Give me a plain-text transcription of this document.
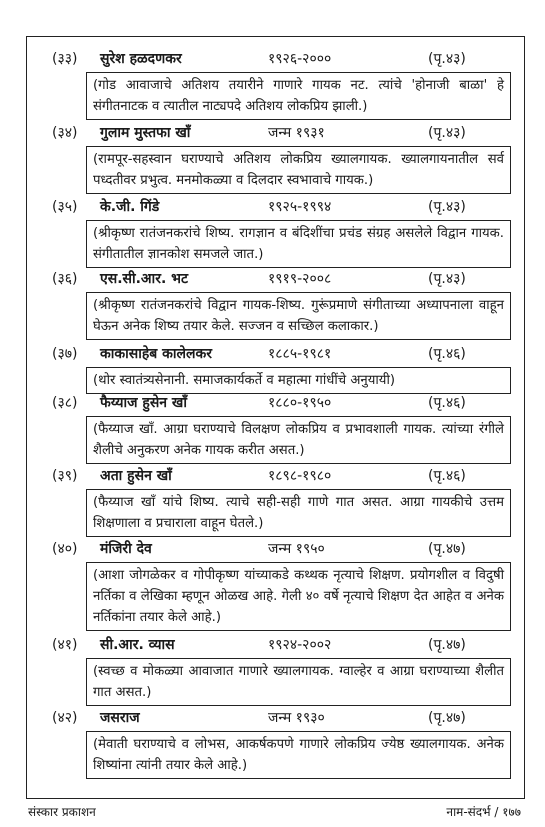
(३३) सुरेश हळदणकर	१९२६-२०००	(पृ.४३)
(गोड आवाजाचे अतिशय तयारीने गाणारे गायक नट. त्यांचे 'होनाजी बाळा' हे संगीतनाटक व त्यातील नाट्यपदे अतिशय लोकप्रिय झाली.)
(३४) गुलाम मुस्तफा खाँ	जन्म १९३१	(पृ.४३)
(रामपूर-सहस्वान घराण्याचे अतिशय लोकप्रिय ख्यालगायक. ख्यालगायनातील सर्व पध्दतीवर प्रभुत्व. मनमोकळ्या व दिलदार स्वभावाचे गायक.)
(३५) के.जी. गिंडे	१९२५-१९९४	(पृ.४३)
(श्रीकृष्ण रातंजनकरांचे शिष्य. रागज्ञान व बंदिशींचा प्रचंड संग्रह असलेले विद्वान गायक. संगीतातील ज्ञानकोश समजले जात.)
(३६) एस.सी.आर. भट	१९१९-२००८	(पृ.४३)
(श्रीकृष्ण रातंजनकरांचे विद्वान गायक-शिष्य. गुरूंप्रमाणे संगीताच्या अध्यापनाला वाहून घेऊन अनेक शिष्य तयार केले. सज्जन व सच्छिल कलाकार.)
(३७) काकासाहेब कालेलकर	१८८५-१९८१	(पृ.४६)
(थोर स्वातंत्र्यसेनानी. समाजकार्यकर्ते व महात्मा गांधींचे अनुयायी)
(३८) फैय्याज हुसेन खाँ	१८८०-१९५०	(पृ.४६)
(फैय्याज खाँ. आग्रा घराण्याचे विलक्षण लोकप्रिय व प्रभावशाली गायक. त्यांच्या रंगीले शैलीचे अनुकरण अनेक गायक करीत असत.)
(३९) अता हुसेन खाँ	१८९८-१९८०	(पृ.४६)
(फैय्याज खाँ यांचे शिष्य. त्याचे सही-सही गाणे गात असत. आग्रा गायकीचे उत्तम शिक्षणाला व प्रचाराला वाहून घेतले.)
(४०) मंजिरी देव	जन्म १९५०	(पृ.४७)
(आशा जोगळेकर व गोपीकृष्ण यांच्याकडे कथ्थक नृत्याचे शिक्षण. प्रयोगशील व विदुषी नर्तिका व लेखिका म्हणून ओळख आहे. गेली ४० वर्षे नृत्याचे शिक्षण देत आहेत व अनेक नर्तिकांना तयार केले आहे.)
(४१) सी.आर. व्यास	१९२४-२००२	(पृ.४७)
(स्वच्छ व मोकळ्या आवाजात गाणारे ख्यालगायक. ग्वाल्हेर व आग्रा घराण्याच्या शैलीत गात असत.)
(४२) जसराज	जन्म १९३०	(पृ.४७)
(मेवाती घराण्याचे व लोभस, आकर्षकपणे गाणारे लोकप्रिय ज्येष्ठ ख्यालगायक. अनेक शिष्यांना त्यांनी तयार केले आहे.)
संस्कार प्रकाशन	नाम-संदर्भ / १७७
